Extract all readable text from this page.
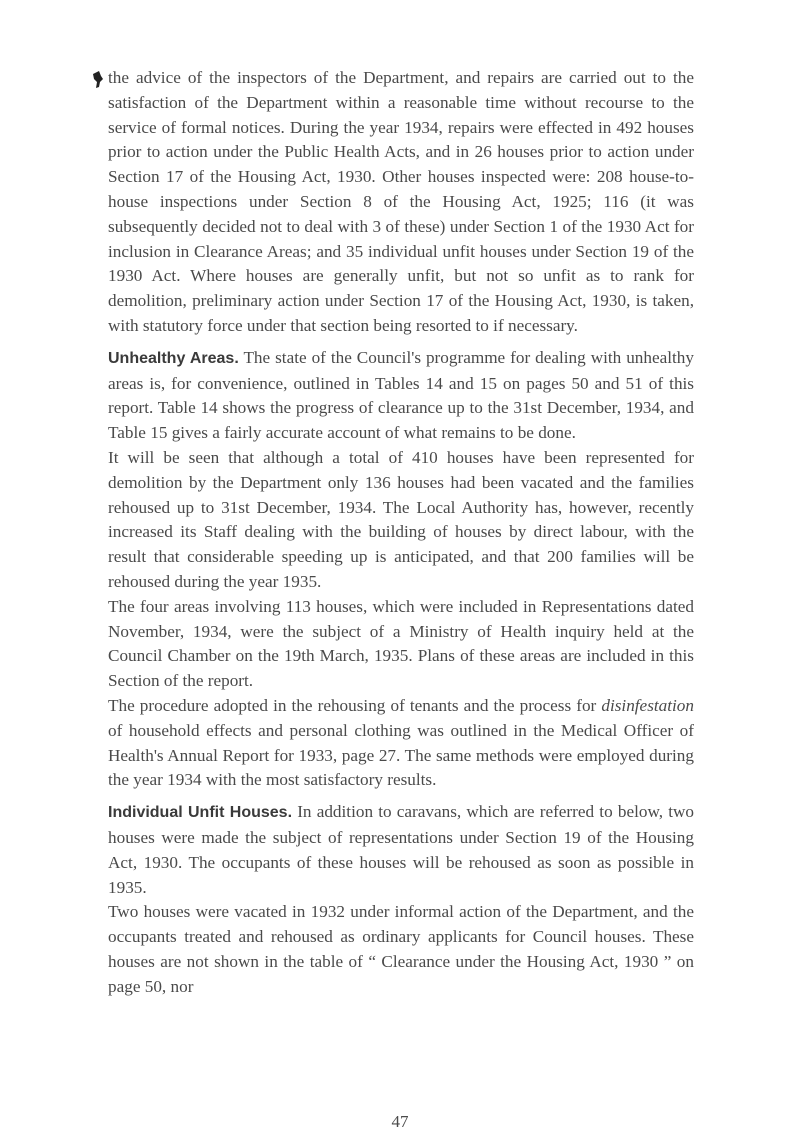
the advice of the inspectors of the Department, and repairs are carried out to the satisfaction of the Department within a reasonable time without recourse to the service of formal notices. During the year 1934, repairs were effected in 492 houses prior to action under the Public Health Acts, and in 26 houses prior to action under Section 17 of the Housing Act, 1930. Other houses inspected were: 208 house-to-house inspections under Section 8 of the Housing Act, 1925; 116 (it was subsequently decided not to deal with 3 of these) under Section 1 of the 1930 Act for inclusion in Clearance Areas; and 35 individual unfit houses under Section 19 of the 1930 Act. Where houses are generally unfit, but not so unfit as to rank for demolition, preliminary action under Section 17 of the Housing Act, 1930, is taken, with statutory force under that section being resorted to if necessary.

Unhealthy Areas. The state of the Council's programme for dealing with unhealthy areas is, for convenience, outlined in Tables 14 and 15 on pages 50 and 51 of this report. Table 14 shows the progress of clearance up to the 31st December, 1934, and Table 15 gives a fairly accurate account of what remains to be done.

It will be seen that although a total of 410 houses have been represented for demolition by the Department only 136 houses had been vacated and the families rehoused up to 31st December, 1934. The Local Authority has, however, recently increased its Staff dealing with the building of houses by direct labour, with the result that considerable speeding up is anticipated, and that 200 families will be rehoused during the year 1935.

The four areas involving 113 houses, which were included in Representations dated November, 1934, were the subject of a Ministry of Health inquiry held at the Council Chamber on the 19th March, 1935. Plans of these areas are included in this Section of the report.

The procedure adopted in the rehousing of tenants and the process for disinfestation of household effects and personal clothing was outlined in the Medical Officer of Health's Annual Report for 1933, page 27. The same methods were employed during the year 1934 with the most satisfactory results.

Individual Unfit Houses. In addition to caravans, which are referred to below, two houses were made the subject of representations under Section 19 of the Housing Act, 1930. The occupants of these houses will be rehoused as soon as possible in 1935.

Two houses were vacated in 1932 under informal action of the Department, and the occupants treated and rehoused as ordinary applicants for Council houses. These houses are not shown in the table of “ Clearance under the Housing Act, 1930 ” on page 50, nor

47
